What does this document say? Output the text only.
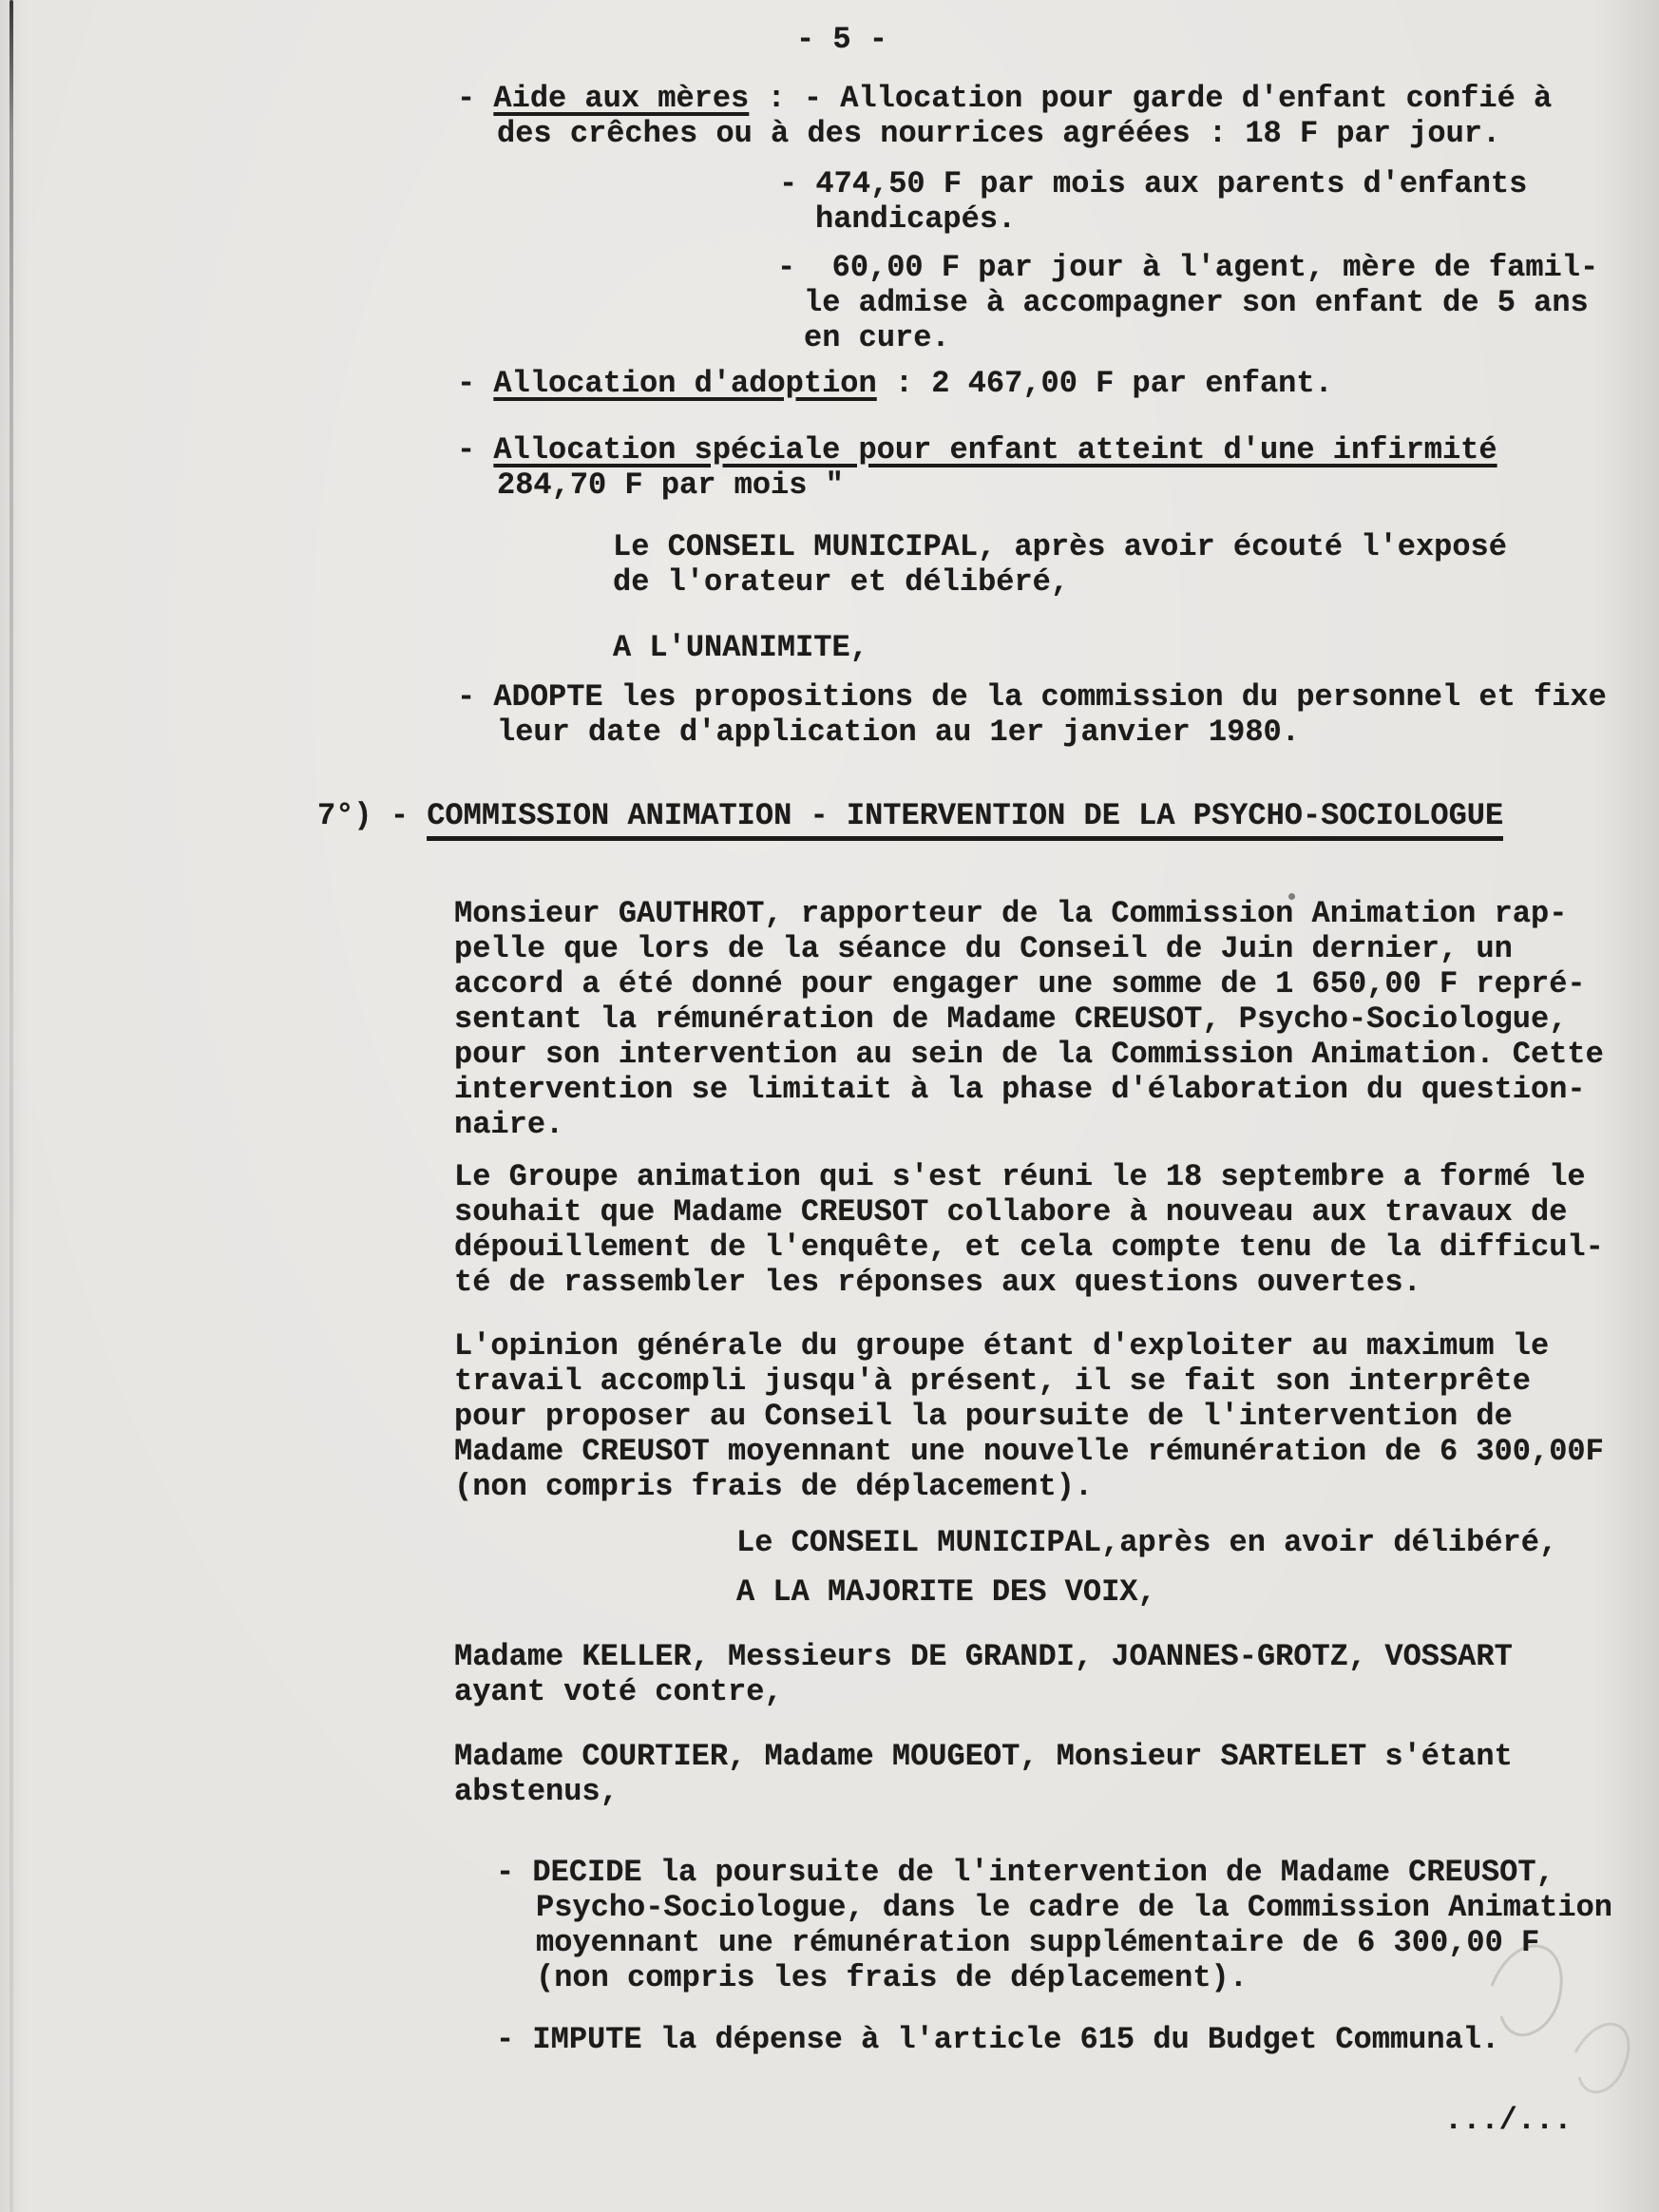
- 5 -
- Aide aux mères : - Allocation pour garde d'enfant confié à
des crêches ou à des nourrices agréées : 18 F par jour.
- 474,50 F par mois aux parents d'enfants
handicapés.
-  60,00 F par jour à l'agent, mère de famil-
le admise à accompagner son enfant de 5 ans
en cure.
- Allocation d'adoption : 2 467,00 F par enfant.
- Allocation spéciale pour enfant atteint d'une infirmité
284,70 F par mois "
Le CONSEIL MUNICIPAL, après avoir écouté l'exposé
de l'orateur et délibéré,
A L'UNANIMITE,
- ADOPTE les propositions de la commission du personnel et fixe
leur date d'application au 1er janvier 1980.
7°) - COMMISSION ANIMATION - INTERVENTION DE LA PSYCHO-SOCIOLOGUE
Monsieur GAUTHROT, rapporteur de la Commission Animation rap-
pelle que lors de la séance du Conseil de Juin dernier, un
accord a été donné pour engager une somme de 1 650,00 F repré-
sentant la rémunération de Madame CREUSOT, Psycho-Sociologue,
pour son intervention au sein de la Commission Animation. Cette
intervention se limitait à la phase d'élaboration du question-
naire.
Le Groupe animation qui s'est réuni le 18 septembre a formé le
souhait que Madame CREUSOT collabore à nouveau aux travaux de
dépouillement de l'enquête, et cela compte tenu de la difficul-
té de rassembler les réponses aux questions ouvertes.
L'opinion générale du groupe étant d'exploiter au maximum le
travail accompli jusqu'à présent, il se fait son interprête
pour proposer au Conseil la poursuite de l'intervention de
Madame CREUSOT moyennant une nouvelle rémunération de 6 300,00F
(non compris frais de déplacement).
Le CONSEIL MUNICIPAL,après en avoir délibéré,
A LA MAJORITE DES VOIX,
Madame KELLER, Messieurs DE GRANDI, JOANNES-GROTZ, VOSSART
ayant voté contre,
Madame COURTIER, Madame MOUGEOT, Monsieur SARTELET s'étant
abstenus,
- DECIDE la poursuite de l'intervention de Madame CREUSOT,
Psycho-Sociologue, dans le cadre de la Commission Animation
moyennant une rémunération supplémentaire de 6 300,00 F
(non compris les frais de déplacement).
- IMPUTE la dépense à l'article 615 du Budget Communal.
.../...
